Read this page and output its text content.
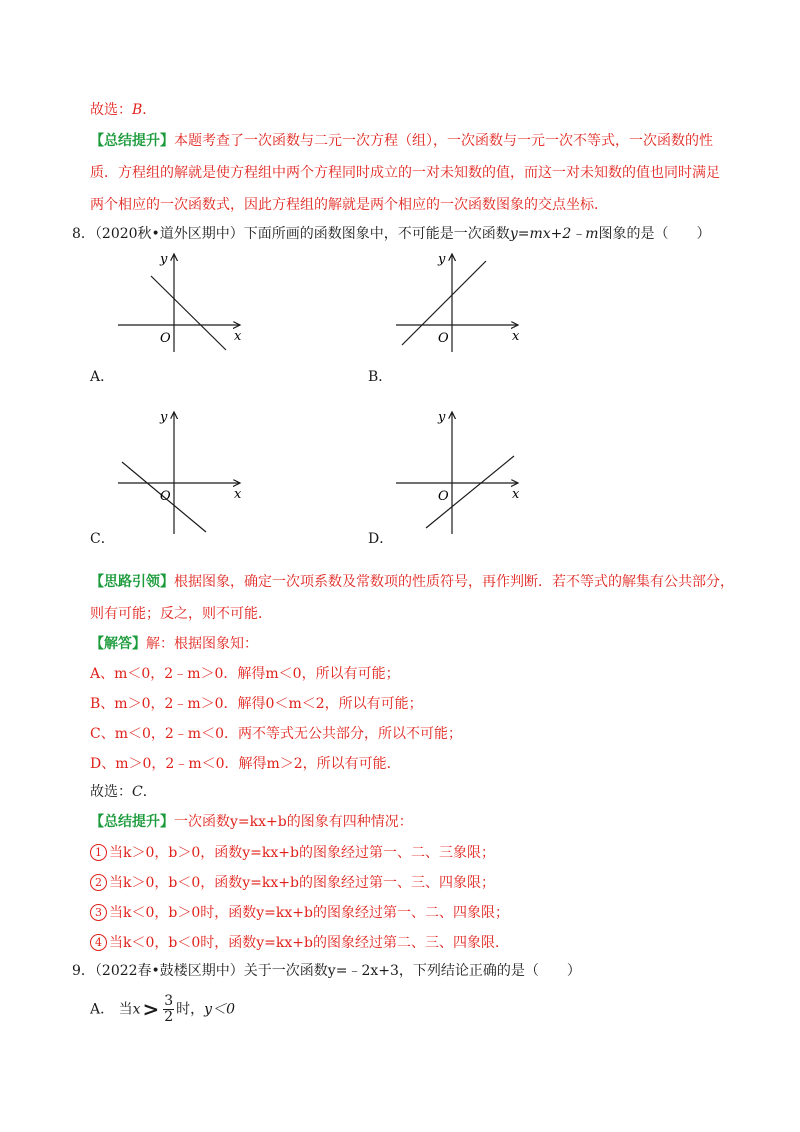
故选：B．
【总结提升】本题考查了一次函数与二元一次方程（组），一次函数与一元一次不等式，一次函数的性
质．方程组的解就是使方程组中两个方程同时成立的一对未知数的值，而这一对未知数的值也同时满足
两个相应的一次函数式，因此方程组的解就是两个相应的一次函数图象的交点坐标．
8．（2020秋•道外区期中）下面所画的函数图象中，不可能是一次函数y=mx+2﹣m图象的是（　　）
O	x
y
A．
O	x
y
B．
O	x
y
C．
O	x
y
D．
【思路引领】根据图象，确定一次项系数及常数项的性质符号，再作判断．若不等式的解集有公共部分，
则有可能；反之，则不可能．
【解答】解：根据图象知：
A、m＜0，2﹣m＞0．解得m＜0，所以有可能；
B、m＞0，2﹣m＞0．解得0＜m＜2，所以有可能；
C、m＜0，2﹣m＜0．两不等式无公共部分，所以不可能；
D、m＞0，2﹣m＜0．解得m＞2，所以有可能．
故选：C．
【总结提升】一次函数y=kx+b的图象有四种情况：
1 当k＞0，b＞0，函数y=kx+b的图象经过第一、二、三象限；
2 当k＞0，b＜0，函数y=kx+b的图象经过第一、三、四象限；
3 当k＜0，b＞0时，函数y=kx+b的图象经过第一、二、四象限；
4 当k＜0，b＜0时，函数y=kx+b的图象经过第二、三、四象限．
9．（2022春•鼓楼区期中）关于一次函数y=﹣2x+3，下列结论正确的是（　　）
A． 当$x > \frac{3}{2}$ 时，y＜0
